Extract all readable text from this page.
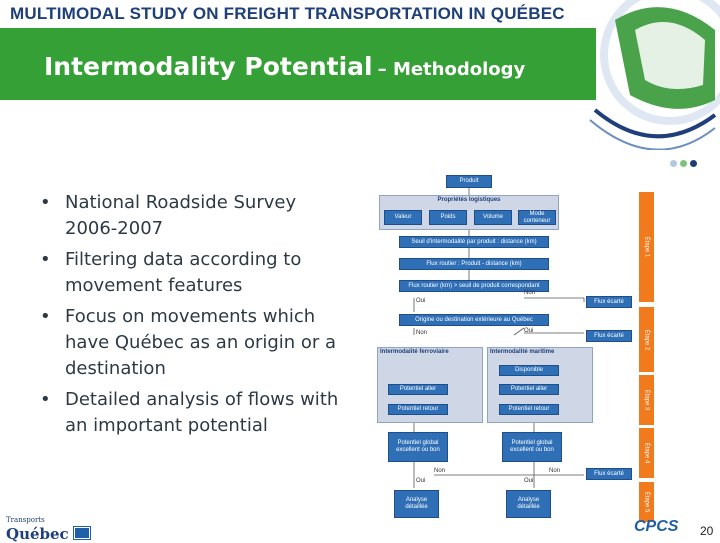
MULTIMODAL STUDY ON FREIGHT TRANSPORTATION IN QUÉBEC
Intermodality Potential – Methodology
• National Roadside Survey 2006-2007
• Filtering data according to movement features
• Focus on movements which have Québec as an origin or a destination
• Detailed analysis of flows with an important potential
Produit
Propriétés logistiques
Valeur	Poids	Volume
Mode conteneur
Seuil d'intermodalité par produit : distance (km)
Flux routier : Produit - distance (km)
Flux routier (km) > seuil de produit correspondant
Oui
Non
Flux écarté
Origine ou destination extérieure au Québec
Non	Oui
Flux écarté
Intermodalité ferroviaire	Intermodalité maritime
Disponible
Potentiel aller	Potentiel aller
Potentiel retour	Potentiel retour
Potentiel global excellent ou bon
Potentiel global excellent ou bon
Non	Non
Oui	Oui
Flux écarté
Analyse détaillée
Analyse détaillée
Étape 1
Étape 2
Étape 3
Étape 4
Étape 5
Transports
Québec	CPCS 20
